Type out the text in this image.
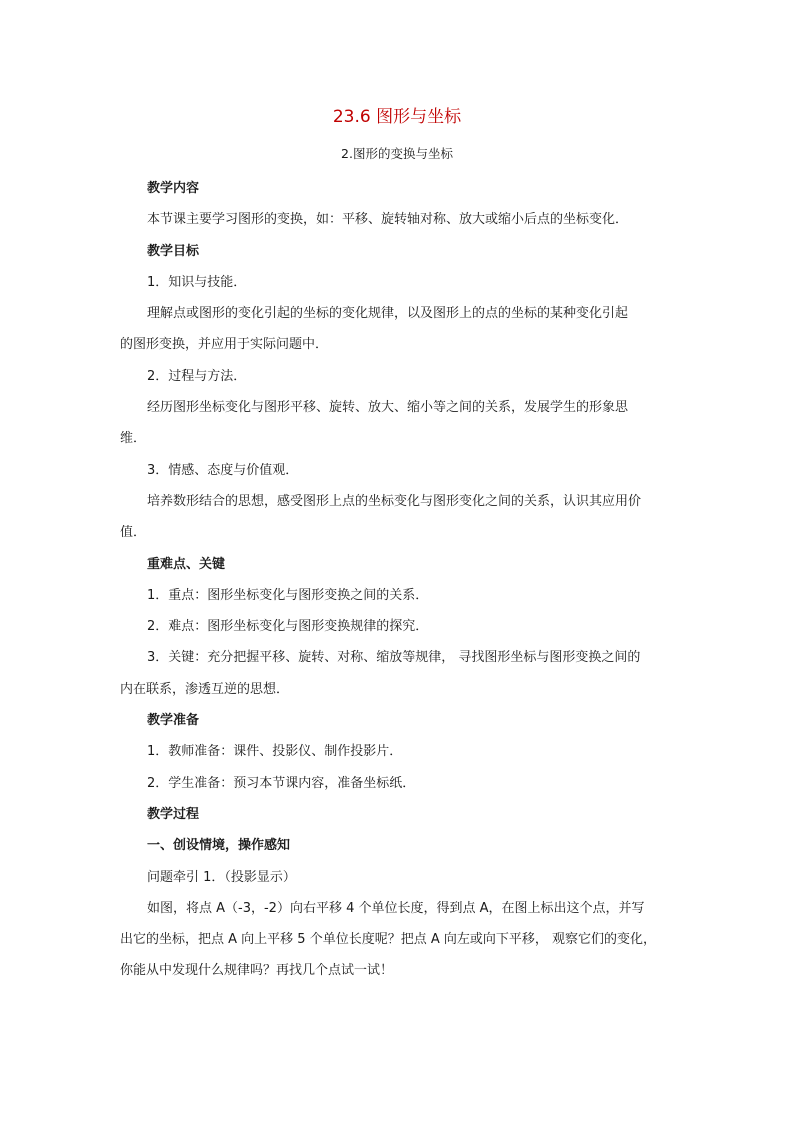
23.6 图形与坐标
2.图形的变换与坐标
教学内容
本节课主要学习图形的变换，如：平移、旋转轴对称、放大或缩小后点的坐标变化．
教学目标
1．知识与技能．
理解点或图形的变化引起的坐标的变化规律，以及图形上的点的坐标的某种变化引起
的图形变换，并应用于实际问题中．
2．过程与方法．
经历图形坐标变化与图形平移、旋转、放大、缩小等之间的关系，发展学生的形象思
维．
3．情感、态度与价值观．
培养数形结合的思想，感受图形上点的坐标变化与图形变化之间的关系，认识其应用价
值．
重难点、关键
1．重点：图形坐标变化与图形变换之间的关系．
2．难点：图形坐标变化与图形变换规律的探究．
3．关键：充分把握平移、旋转、对称、缩放等规律， 寻找图形坐标与图形变换之间的
内在联系，渗透互逆的思想．
教学准备
1．教师准备：课件、投影仪、制作投影片．
2．学生准备：预习本节课内容，准备坐标纸．
教学过程
一、创设情境，操作感知
问题牵引 1．（投影显示）
如图，将点 A（-3，-2）向右平移 4 个单位长度，得到点 A，在图上标出这个点，并写
出它的坐标，把点 A 向上平移 5 个单位长度呢？把点 A 向左或向下平移， 观察它们的变化，
你能从中发现什么规律吗？再找几个点试一试！
